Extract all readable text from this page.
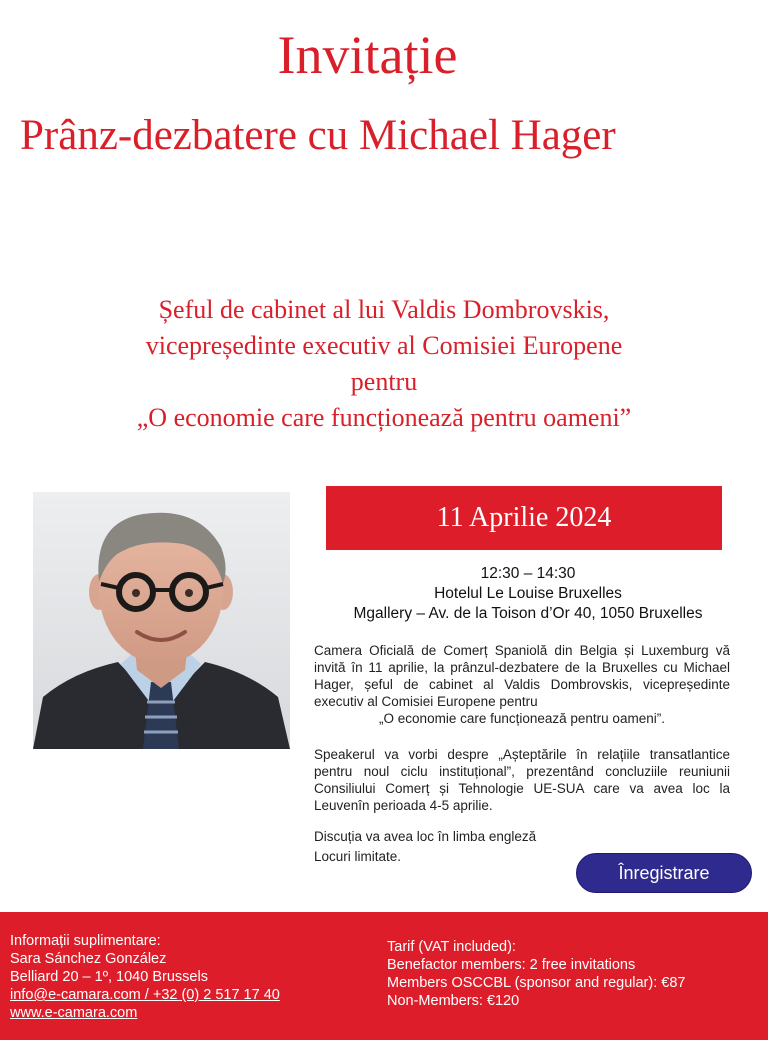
Invitație
Prânz-dezbatere cu Michael Hager
Șeful de cabinet al lui Valdis Dombrovskis,
vicepreședinte executiv al Comisiei Europene
pentru
„O economie care funcționează pentru oameni”
11 Aprilie 2024
12:30 – 14:30
Hotelul Le Louise Bruxelles
Mgallery – Av. de la Toison d’Or 40, 1050 Bruxelles
Camera Oficială de Comerț Spaniolă din Belgia și Luxemburg vă invită în 11 aprilie, la prânzul-dezbatere de la Bruxelles cu Michael Hager, șeful de cabinet al Valdis Dombrovskis, vicepreședinte executiv al Comisiei Europene pentru
„O economie care funcționează pentru oameni”.
Speakerul va vorbi despre „Așteptările în relațiile transatlantice pentru noul ciclu instituțional”, prezentând concluziile reuniunii Consiliului Comerț și Tehnologie UE-SUA care va avea loc la Leuvenîn perioada 4-5 aprilie.
Discuția va avea loc în limba engleză
Locuri limitate.
Înregistrare
Informații suplimentare:
Sara Sánchez González
Belliard 20 – 1º, 1040 Brussels
info@e-camara.com / +32 (0) 2 517 17 40
www.e-camara.com
Tarif (VAT included):
Benefactor members: 2 free invitations
Members OSCCBL (sponsor and regular): €87
Non-Members: €120
